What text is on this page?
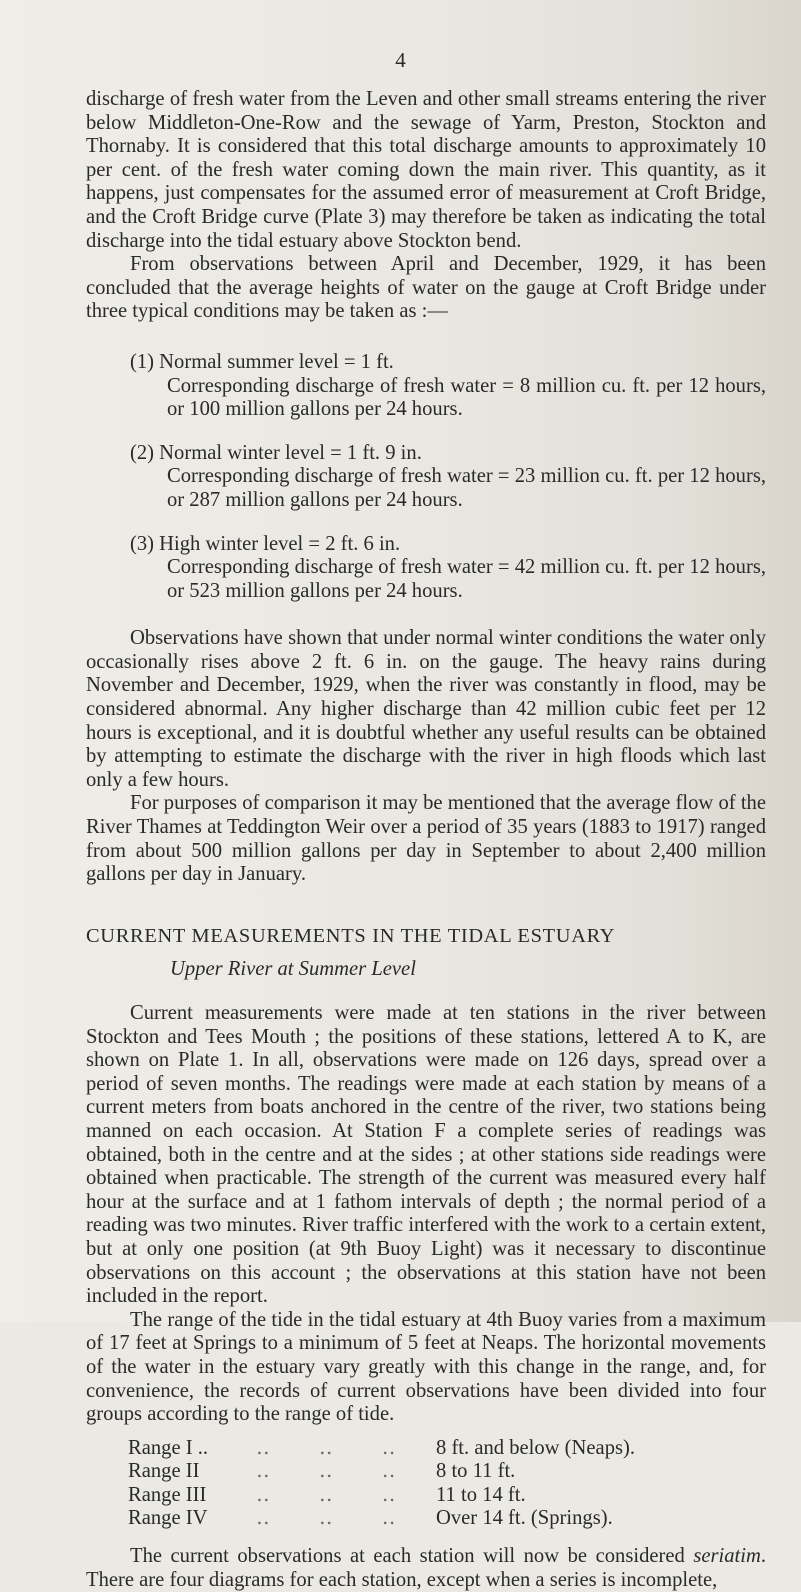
4

discharge of fresh water from the Leven and other small streams entering the river below Middleton-One-Row and the sewage of Yarm, Preston, Stockton and Thornaby. It is considered that this total discharge amounts to approximately 10 per cent. of the fresh water coming down the main river. This quantity, as it happens, just compensates for the assumed error of measurement at Croft Bridge, and the Croft Bridge curve (Plate 3) may therefore be taken as indicating the total discharge into the tidal estuary above Stockton bend.

From observations between April and December, 1929, it has been concluded that the average heights of water on the gauge at Croft Bridge under three typical conditions may be taken as :—

(1) Normal summer level = 1 ft.

Corresponding discharge of fresh water = 8 million cu. ft. per 12 hours, or 100 million gallons per 24 hours.

(2) Normal winter level = 1 ft. 9 in.

Corresponding discharge of fresh water = 23 million cu. ft. per 12 hours, or 287 million gallons per 24 hours.

(3) High winter level = 2 ft. 6 in.

Corresponding discharge of fresh water = 42 million cu. ft. per 12 hours, or 523 million gallons per 24 hours.

Observations have shown that under normal winter conditions the water only occasionally rises above 2 ft. 6 in. on the gauge. The heavy rains during November and December, 1929, when the river was constantly in flood, may be considered abnormal. Any higher discharge than 42 million cubic feet per 12 hours is exceptional, and it is doubtful whether any useful results can be obtained by attempting to estimate the discharge with the river in high floods which last only a few hours.

For purposes of comparison it may be mentioned that the average flow of the River Thames at Teddington Weir over a period of 35 years (1883 to 1917) ranged from about 500 million gallons per day in September to about 2,400 million gallons per day in January.

CURRENT MEASUREMENTS IN THE TIDAL ESTUARY
Upper River at Summer Level

Current measurements were made at ten stations in the river between Stockton and Tees Mouth ; the positions of these stations, lettered A to K, are shown on Plate 1. In all, observations were made on 126 days, spread over a period of seven months. The readings were made at each station by means of a current meters from boats anchored in the centre of the river, two stations being manned on each occasion. At Station F a complete series of readings was obtained, both in the centre and at the sides ; at other stations side readings were obtained when practicable. The strength of the current was measured every half hour at the surface and at 1 fathom intervals of depth ; the normal period of a reading was two minutes. River traffic interfered with the work to a certain extent, but at only one position (at 9th Buoy Light) was it necessary to discontinue observations on this account ; the observations at this station have not been included in the report.

The range of the tide in the tidal estuary at 4th Buoy varies from a maximum of 17 feet at Springs to a minimum of 5 feet at Neaps. The horizontal movements of the water in the estuary vary greatly with this change in the range, and, for convenience, the records of current observations have been divided into four groups according to the range of tide.

Range I ..	‥ ‥ ‥ 8 ft. and below (Neaps).
Range II	‥ ‥ ‥ 8 to 11 ft.
Range III	‥ ‥ ‥ 11 to 14 ft.
Range IV	‥ ‥ ‥ Over 14 ft. (Springs).

The current observations at each station will now be considered seriatim. There are four diagrams for each station, except when a series is incomplete,
